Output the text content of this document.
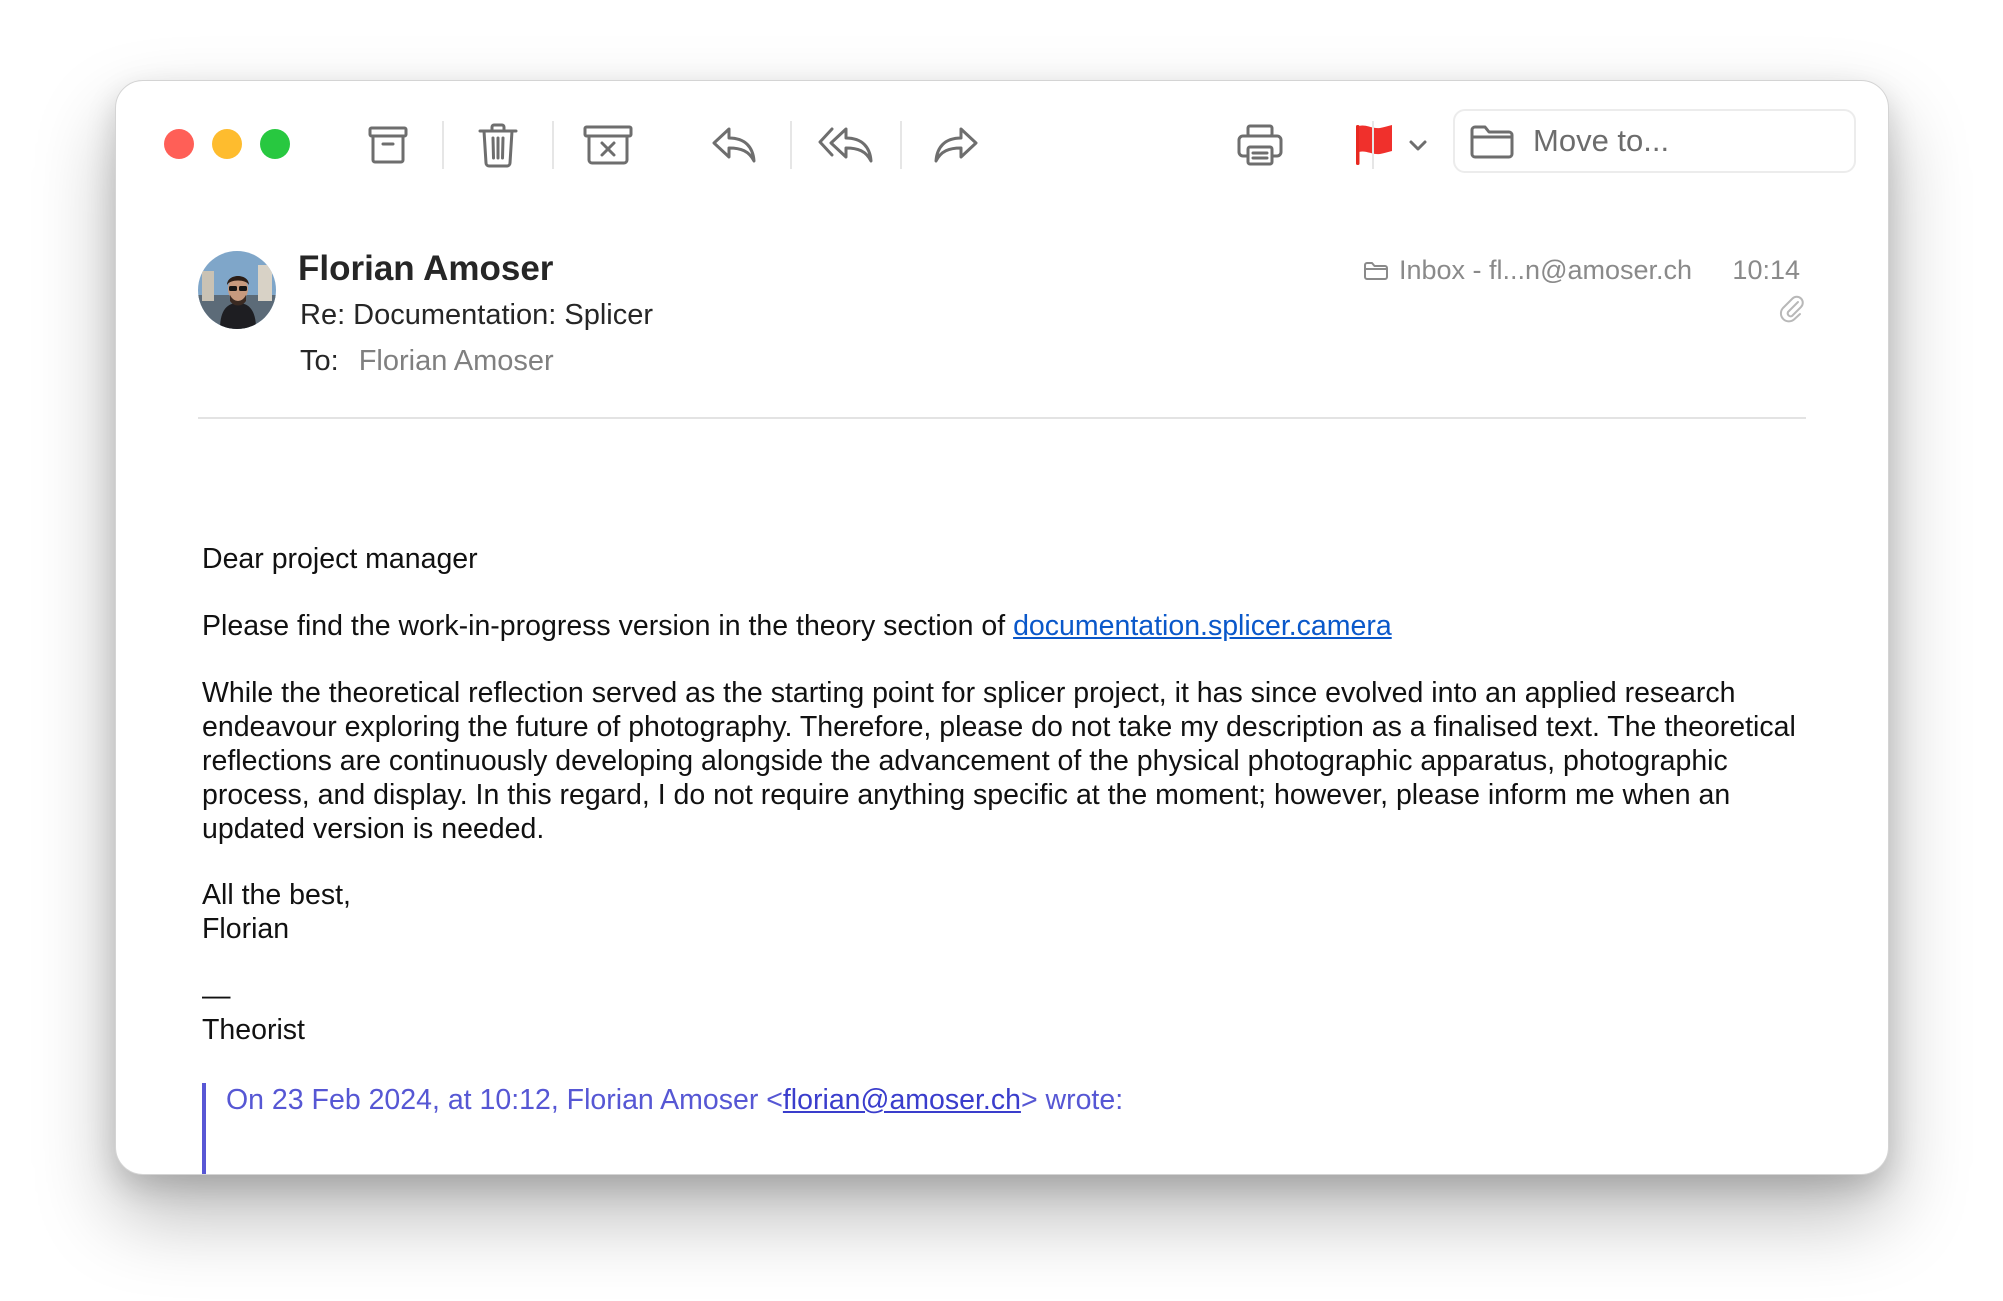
Move to...
Florian Amoser
Re: Documentation: Splicer
To: Florian Amoser
Inbox - fl...n@amoser.ch 10:14
Dear project manager
Please find the work-in-progress version in the theory section of documentation.splicer.camera
While the theoretical reflection served as the starting point for splicer project, it has since evolved into an applied research endeavour exploring the future of photography. Therefore, please do not take my description as a finalised text. The theoretical reflections are continuously developing alongside the advancement of the physical photographic apparatus, photographic process, and display. In this regard, I do not require anything specific at the moment; however, please inform me when an updated version is needed.
All the best,
Florian
—
Theorist
On 23 Feb 2024, at 10:12, Florian Amoser <florian@amoser.ch> wrote:
